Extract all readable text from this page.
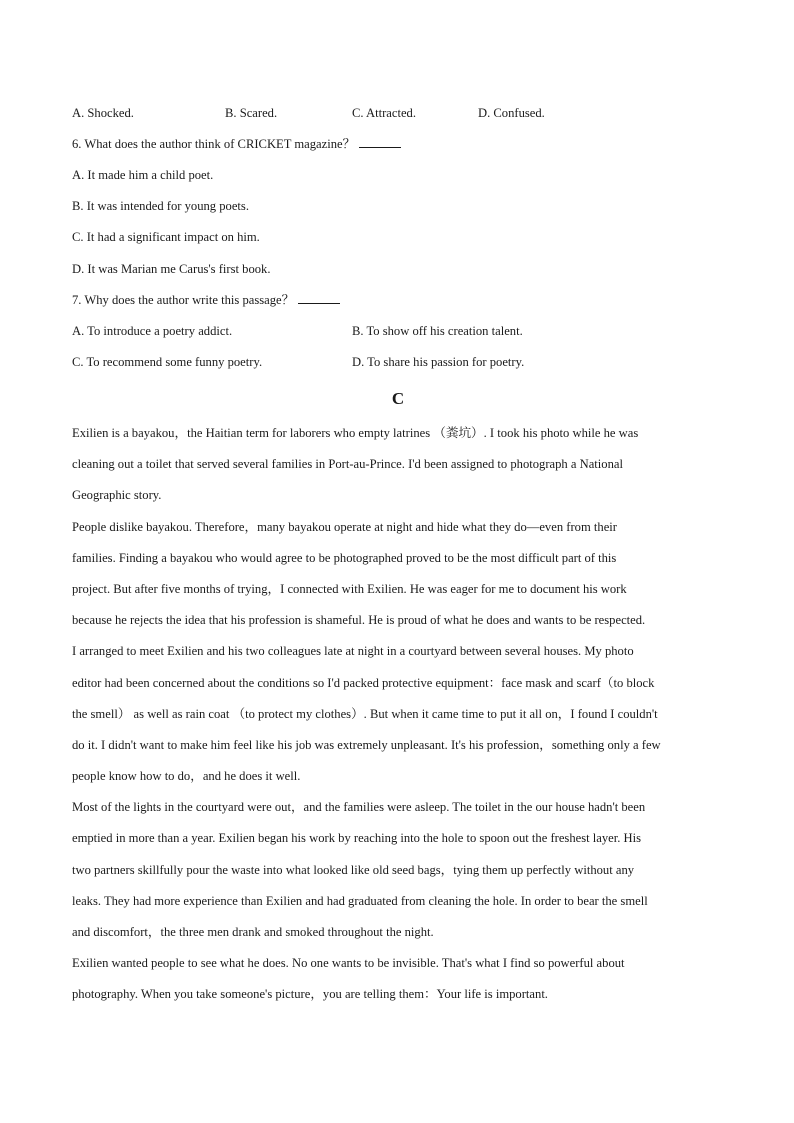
A. Shocked.	B. Scared.	C. Attracted.	D. Confused.
6. What does the author think of CRICKET magazine？
A. It made him a child poet.
B. It was intended for young poets.
C. It had a significant impact on him.
D. It was Marian me Carus's first book.
7. Why does the author write this passage？
A. To introduce a poetry addict.	B. To show off his creation talent.
C. To recommend some funny poetry.	D. To share his passion for poetry.
C
Exilien is a bayakou，the Haitian term for laborers who empty latrines （粪坑）. I took his photo while he was
cleaning out a toilet that served several families in Port-au-Prince. I'd been assigned to photograph a National
Geographic story.
People dislike bayakou. Therefore，many bayakou operate at night and hide what they do—even from their
families. Finding a bayakou who would agree to be photographed proved to be the most difficult part of this
project. But after five months of trying，I connected with Exilien. He was eager for me to document his work
because he rejects the idea that his profession is shameful. He is proud of what he does and wants to be respected.
I arranged to meet Exilien and his two colleagues late at night in a courtyard between several houses. My photo
editor had been concerned about the conditions so I'd packed protective equipment：face mask and scarf（to block
the smell） as well as rain coat （to protect my clothes）. But when it came time to put it all on，I found I couldn't
do it. I didn't want to make him feel like his job was extremely unpleasant. It's his profession，something only a few
people know how to do，and he does it well.
Most of the lights in the courtyard were out，and the families were asleep. The toilet in the our house hadn't been
emptied in more than a year. Exilien began his work by reaching into the hole to spoon out the freshest layer. His
two partners skillfully pour the waste into what looked like old seed bags，tying them up perfectly without any
leaks. They had more experience than Exilien and had graduated from cleaning the hole. In order to bear the smell
and discomfort，the three men drank and smoked throughout the night.
Exilien wanted people to see what he does. No one wants to be invisible. That's what I find so powerful about
photography. When you take someone's picture，you are telling them：Your life is important.
